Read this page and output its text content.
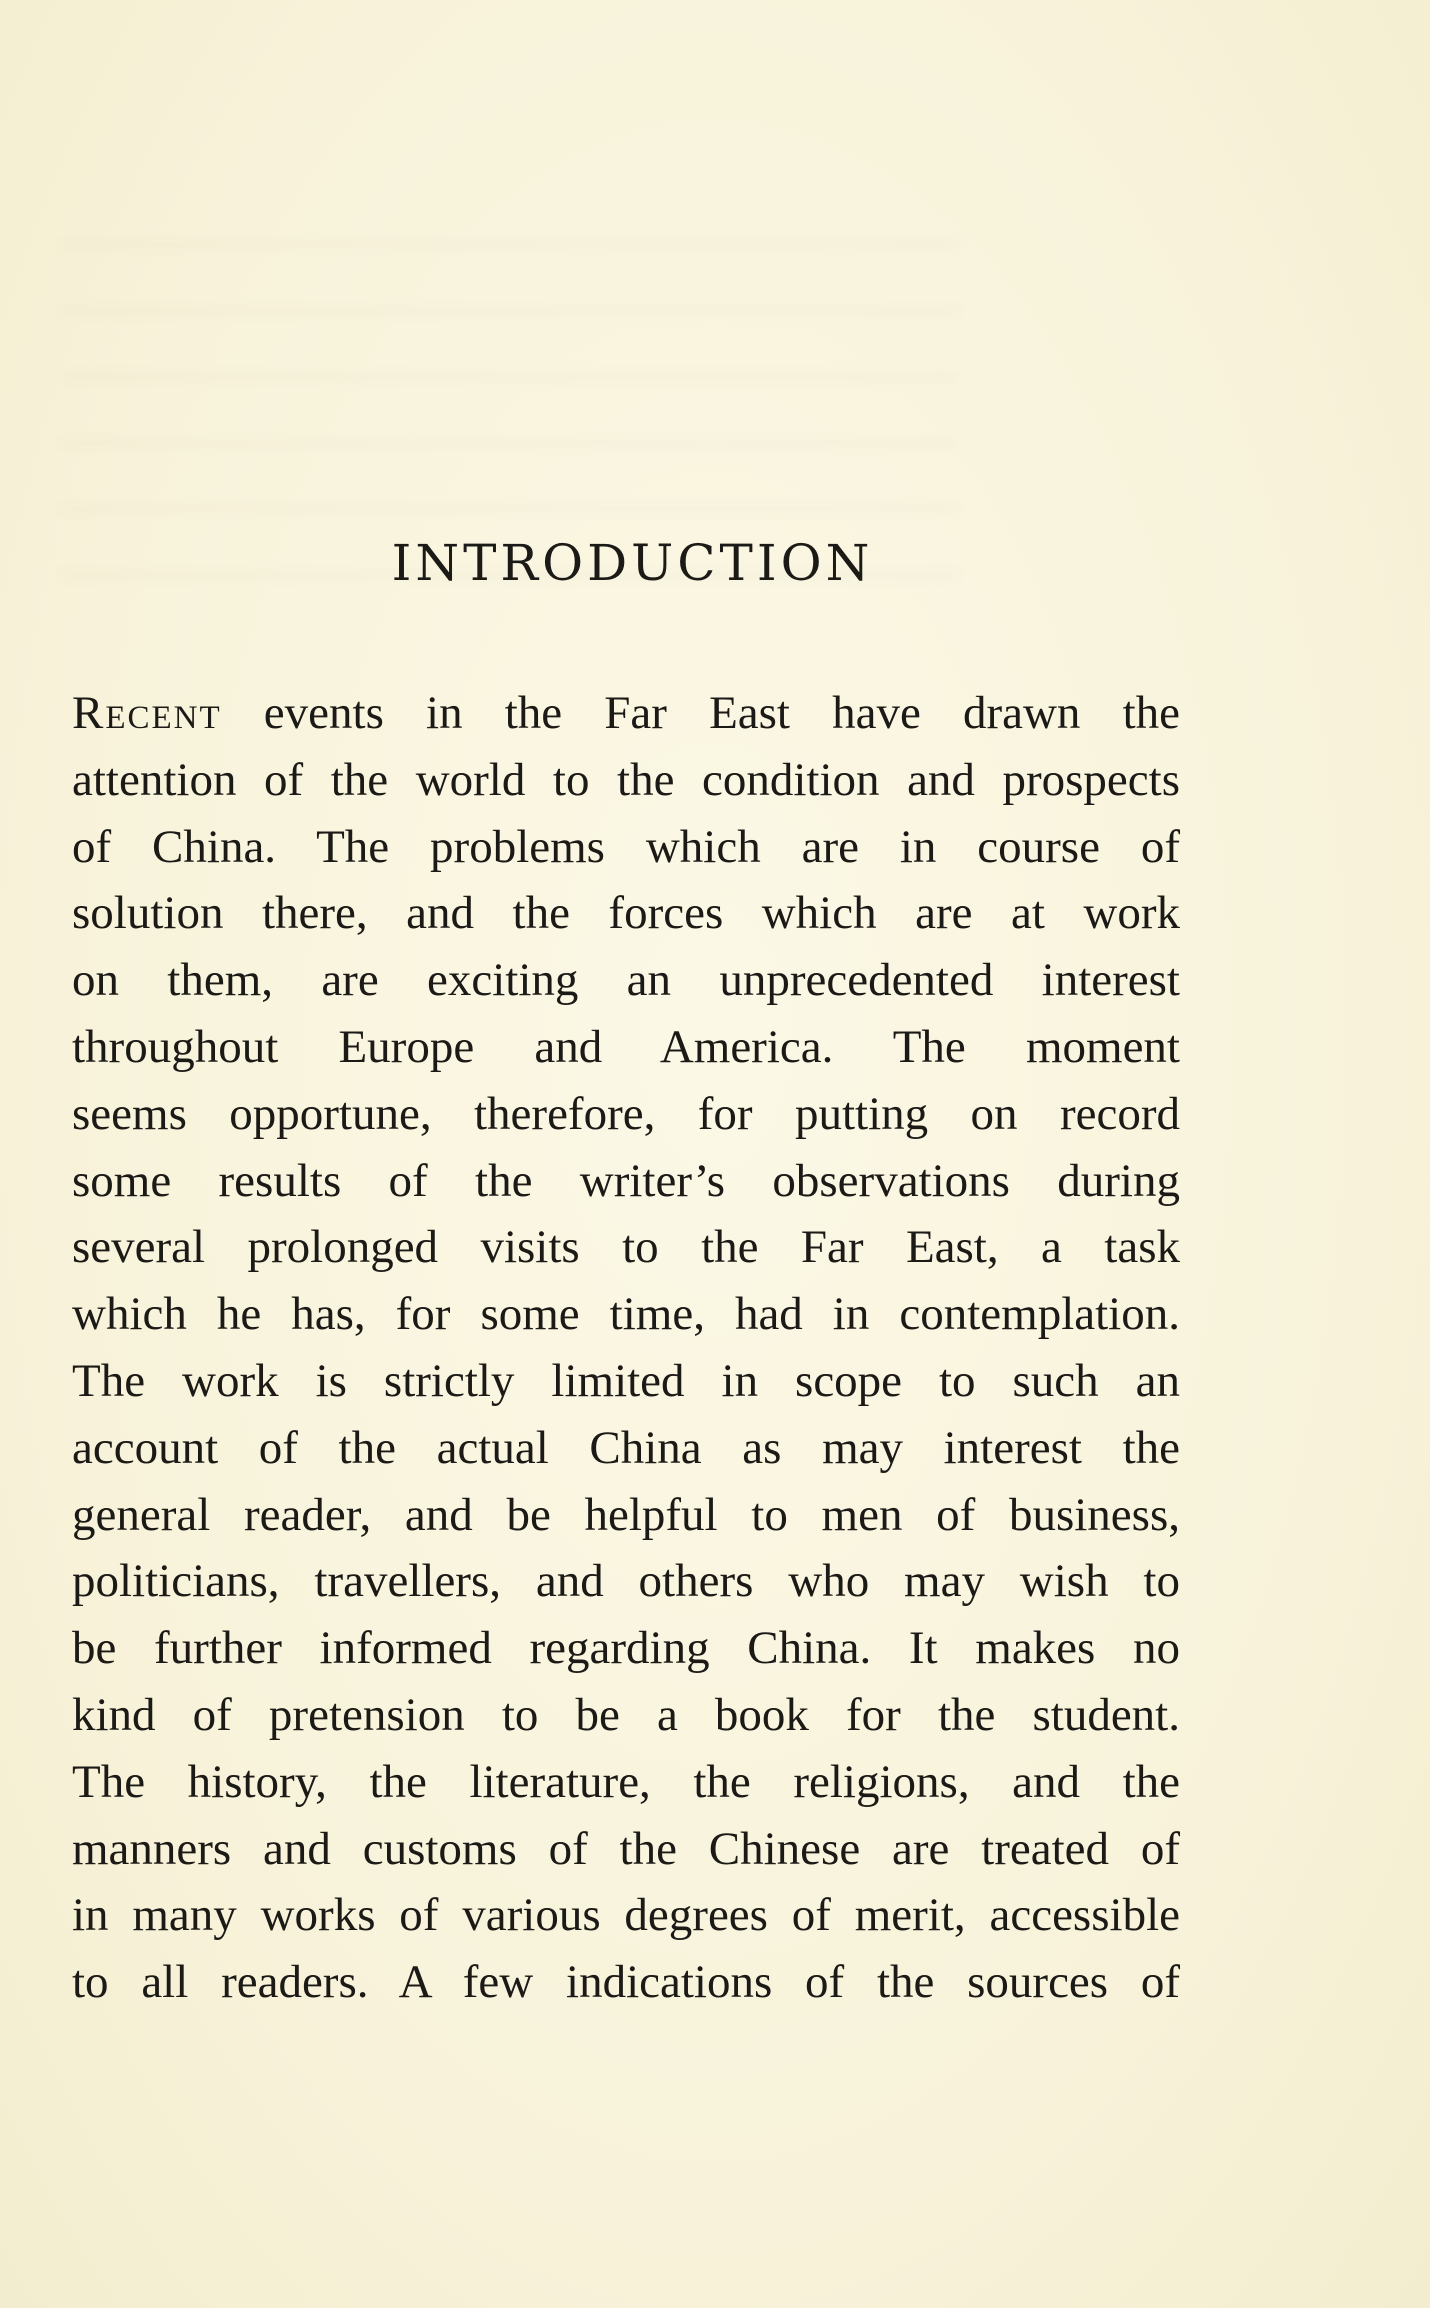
INTRODUCTION
Recent events in the Far East have drawn the
attention of the world to the condition and prospects
of China. The problems which are in course of
solution there, and the forces which are at work
on them, are exciting an unprecedented interest
throughout Europe and America. The moment
seems opportune, therefore, for putting on record
some results of the writer’s observations during
several prolonged visits to the Far East, a task
which he has, for some time, had in contemplation.
The work is strictly limited in scope to such an
account of the actual China as may interest the
general reader, and be helpful to men of business,
politicians, travellers, and others who may wish to
be further informed regarding China. It makes no
kind of pretension to be a book for the student.
The history, the literature, the religions, and the
manners and customs of the Chinese are treated of
in many works of various degrees of merit, accessible
to all readers. A few indications of the sources of
